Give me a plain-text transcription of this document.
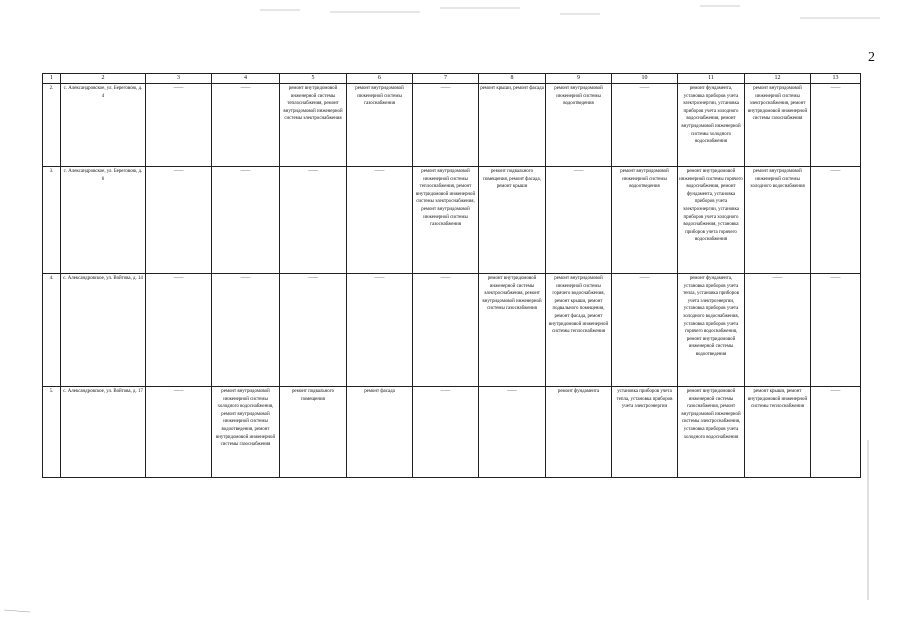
2
1	2	3	4	5	6	7	8	9	10	11	12	13
2.	с. Александровское, ул. Береговою, д. 4	——	——	ремонт внутридомовой инженерной системы теплоснабжения, ремонт внутридомовой инженерной системы электроснабжения	ремонт внутридомовой инженерной системы газоснабжения	——	ремонт крыши, ремонт фасада	ремонт внутридомовой инженерной системы водоотведения	——	ремонт фундамента, установка приборов учета электроэнергии, установка приборов учета холодного водоснабжения, ремонт внутридомовой инженерной системы холодного водоснабжения	ремонт внутридомовой инженерной системы электроснабжения, ремонт внутридомовой инженерной системы газоснабжения	——
3.	с. Александровское, ул. Береговою, д. 6	——	——	——	——	ремонт внутридомовой инженерной системы теплоснабжения, ремонт внутридомовой инженерной системы электроснабжения, ремонт внутридомовой инженерной системы газоснабжения	ремонт подвального помещения, ремонт фасада, ремонт крыши	——	ремонт внутридомовой инженерной системы водоотведения	ремонт внутридомовой инженерной системы горячего водоснабжения, ремонт фундамента, установка приборов учета электроэнергии, установка приборов учета холодного водоснабжения, установка приборов учета горячего водоснабжения	ремонт внутридомовой инженерной системы холодного водоснабжения	——
4.	с. Александровское, ул. Войтова, д. 14	——	——	——	——	——	ремонт внутридомовой инженерной системы электроснабжения, ремонт внутридомовой инженерной системы газоснабжения	ремонт внутридомовой инженерной системы горячего водоснабжения, ремонт крыши, ремонт подвального помещения, ремонт фасада, ремонт внутридомовой инженерной системы теплоснабжения	——	ремонт фундамента, установка приборов учета тепла, установка приборов учета электроэнергии, установка приборов учета холодного водоснабжения, установка приборов учета горячего водоснабжения, ремонт внутридомовой инженерной системы водоотведения	——	——
5.	с. Александровское, ул. Войтова, д. 17	——	ремонт внутридомовой инженерной системы холодного водоснабжения, ремонт внутридомовой инженерной системы водоотведения, ремонт внутридомовой инженерной системы газоснабжения	ремонт подвального помещения	ремонт фасада	——	——	ремонт фундамента	установка приборов учета тепла, установка приборов учета электроэнергии	ремонт внутридомовой инженерной системы газоснабжения, ремонт внутридомовой инженерной системы электроснабжения, установка приборов учета холодного водоснабжения	ремонт крыши, ремонт внутридомовой инженерной системы теплоснабжения	——
